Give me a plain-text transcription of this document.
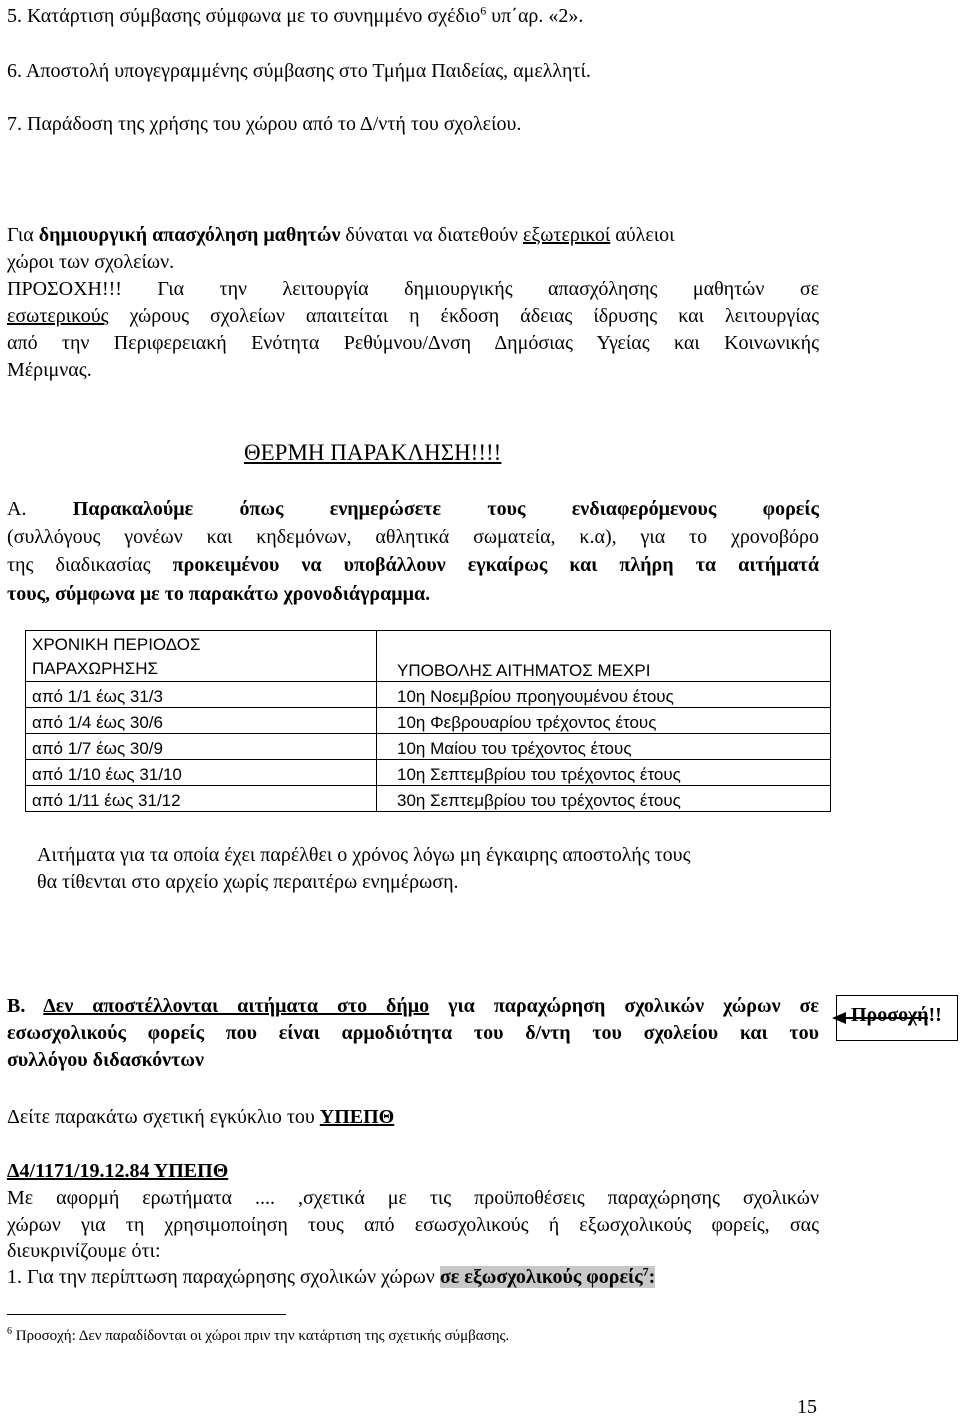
5. Κατάρτιση σύμβασης σύμφωνα με το συνημμένο σχέδιο$^6$ υπ΄αρ. «2».
6. Αποστολή υπογεγραμμένης σύμβασης στο Τμήμα Παιδείας, αμελλητί.
7. Παράδοση της χρήσης του χώρου από το Δ/ντή του σχολείου.
Για δημιουργική απασχόληση μαθητών δύναται να διατεθούν εξωτερικοί αύλειοι
χώροι των σχολείων.
ΠΡΟΣΟΧΗ!!! Για την λειτουργία δημιουργικής απασχόλησης μαθητών σε
εσωτερικούς χώρους σχολείων απαιτείται η έκδοση άδειας ίδρυσης και λειτουργίας
από την Περιφερειακή Ενότητα Ρεθύμνου/Δνση Δημόσιας Υγείας και Κοινωνικής
Μέριμνας.
ΘΕΡΜΗ ΠΑΡΑΚΛΗΣΗ!!!!
Α. Παρακαλούμε όπως ενημερώσετε τους ενδιαφερόμενους φορείς
(συλλόγους γονέων και κηδεμόνων, αθλητικά σωματεία, κ.α), για το χρονοβόρο
της διαδικασίας προκειμένου να υποβάλλουν εγκαίρως και πλήρη τα αιτήματά
τους, σύμφωνα με το παρακάτω χρονοδιάγραμμα.
ΧΡΟΝΙΚΗ ΠΕΡΙΟΔΟΣ
ΠΑΡΑΧΩΡΗΣΗΣ	ΥΠΟΒΟΛΗΣ ΑΙΤΗΜΑΤΟΣ ΜΕΧΡΙ
από 1/1 έως 31/3	10η Νοεμβρίου προηγουμένου έτους
από 1/4 έως 30/6	10η Φεβρουαρίου τρέχοντος έτους
από 1/7 έως 30/9	10η Μαίου του τρέχοντος έτους
από 1/10 έως 31/10	10η Σεπτεμβρίου του τρέχοντος έτους
από 1/11 έως 31/12	30η Σεπτεμβρίου του τρέχοντος έτους
Αιτήματα για τα οποία έχει παρέλθει ο χρόνος λόγω μη έγκαιρης αποστολής τους
θα τίθενται στο αρχείο χωρίς περαιτέρω ενημέρωση.
Β. Δεν αποστέλλονται αιτήματα στο δήμο για παραχώρηση σχολικών χώρων σε
εσωσχολικούς φορείς που είναι αρμοδιότητα του δ/ντη του σχολείου και του
συλλόγου διδασκόντων
Προσοχή!!
Δείτε παρακάτω σχετική εγκύκλιο του ΥΠΕΠΘ
Δ4/1171/19.12.84 ΥΠΕΠΘ
Με αφορμή ερωτήματα .... ,σχετικά με τις προϋποθέσεις παραχώρησης σχολικών
χώρων για τη χρησιμοποίηση τους από εσωσχολικούς ή εξωσχολικούς φορείς, σας
διευκρινίζουμε ότι:
1. Για την περίπτωση παραχώρησης σχολικών χώρων σε εξωσχολικούς φορείς$^7$:
$^6$ Προσοχή: Δεν παραδίδονται οι χώροι πριν την κατάρτιση της σχετικής σύμβασης.
15
